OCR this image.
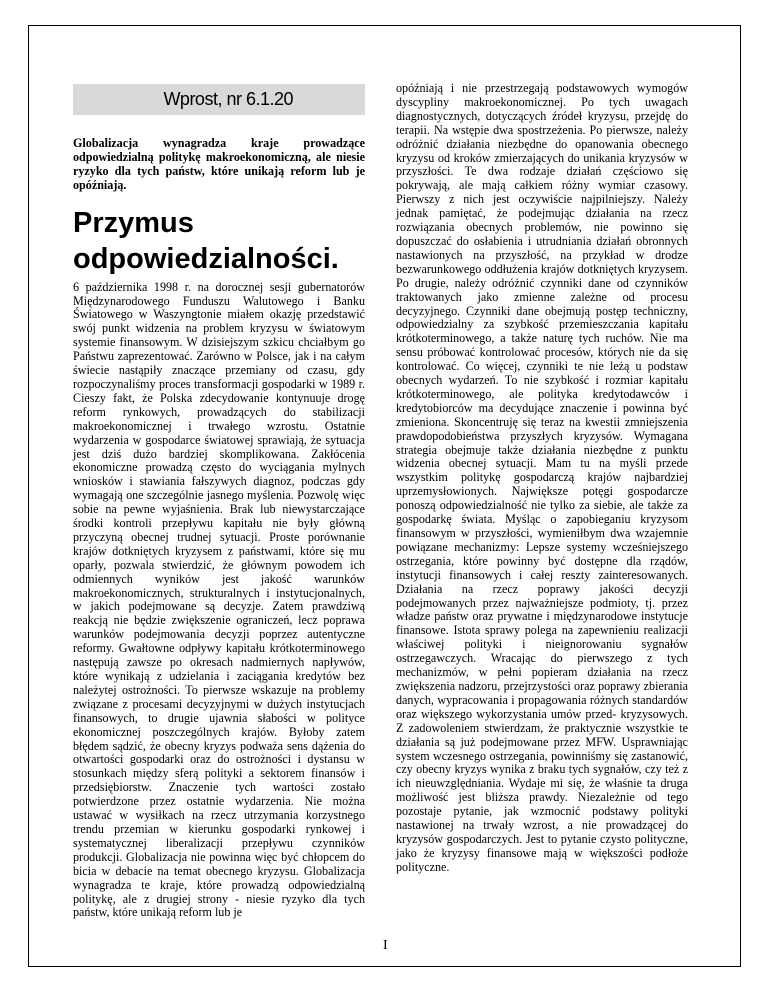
Wprost, nr 6.1.20

Globalizacja wynagradza kraje prowadzące odpowiedzialną politykę makroekonomiczną, ale niesie ryzyko dla tych państw, które unikają reform lub je opóźniają.

Przymus odpowiedzialności.

6 października 1998 r. na dorocznej sesji gubernatorów Międzynarodowego Funduszu Walutowego i Banku Światowego w Waszyngtonie miałem okazję przedstawić swój punkt widzenia na problem kryzysu w światowym systemie finansowym. W dzisiejszym szkicu chciałbym go Państwu zaprezentować. Zarówno w Polsce, jak i na całym świecie nastąpiły znaczące przemiany od czasu, gdy rozpoczynaliśmy proces transformacji gospodarki w 1989 r. Cieszy fakt, że Polska zdecydowanie kontynuuje drogę reform rynkowych, prowadzących do stabilizacji makroekonomicznej i trwałego wzrostu. Ostatnie wydarzenia w gospodarce światowej sprawiają, że sytuacja jest dziś dużo bardziej skomplikowana. Zakłócenia ekonomiczne prowadzą często do wyciągania mylnych wniosków i stawiania fałszywych diagnoz, podczas gdy wymagają one szczególnie jasnego myślenia. Pozwolę więc sobie na pewne wyjaśnienia. Brak lub niewystarczające środki kontroli przepływu kapitału nie były główną przyczyną obecnej trudnej sytuacji. Proste porównanie krajów dotkniętych kryzysem z państwami, które się mu oparły, pozwala stwierdzić, że głównym powodem ich odmiennych wyników jest jakość warunków makroekonomicznych, strukturalnych i instytucjonalnych, w jakich podejmowane są decyzje. Zatem prawdziwą reakcją nie będzie zwiększenie ograniczeń, lecz poprawa warunków podejmowania decyzji poprzez autentyczne reformy. Gwałtowne odpływy kapitału krótkoterminowego następują zawsze po okresach nadmiernych napływów, które wynikają z udzielania i zaciągania kredytów bez należytej ostrożności. To pierwsze wskazuje na problemy związane z procesami decyzyjnymi w dużych instytucjach finansowych, to drugie ujawnia słabości w polityce ekonomicznej poszczególnych krajów. Byłoby zatem błędem sądzić, że obecny kryzys podważa sens dążenia do otwartości gospodarki oraz do ostrożności i dystansu w stosunkach między sferą polityki a sektorem finansów i przedsiębiorstw. Znaczenie tych wartości zostało potwierdzone przez ostatnie wydarzenia. Nie można ustawać w wysiłkach na rzecz utrzymania korzystnego trendu przemian w kierunku gospodarki rynkowej i systematycznej liberalizacji przepływu czynników produkcji. Globalizacja nie powinna więc być chłopcem do bicia w debacie na temat obecnego kryzysu. Globalizacja wynagradza te kraje, które prowadzą odpowiedzialną politykę, ale z drugiej strony - niesie ryzyko dla tych państw, które unikają reform lub je

opóźniają i nie przestrzegają podstawowych wymogów dyscypliny makroekonomicznej. Po tych uwagach diagnostycznych, dotyczących źródeł kryzysu, przejdę do terapii. Na wstępie dwa spostrzeżenia. Po pierwsze, należy odróżnić działania niezbędne do opanowania obecnego kryzysu od kroków zmierzających do unikania kryzysów w przyszłości. Te dwa rodzaje działań częściowo się pokrywają, ale mają całkiem różny wymiar czasowy. Pierwszy z nich jest oczywiście najpilniejszy. Należy jednak pamiętać, że podejmując działania na rzecz rozwiązania obecnych problemów, nie powinno się dopuszczać do osłabienia i utrudniania działań obronnych nastawionych na przyszłość, na przykład w drodze bezwarunkowego oddłużenia krajów dotkniętych kryzysem. Po drugie, należy odróżnić czynniki dane od czynników traktowanych jako zmienne zależne od procesu decyzyjnego. Czynniki dane obejmują postęp techniczny, odpowiedzialny za szybkość przemieszczania kapitału krótkoterminowego, a także naturę tych ruchów. Nie ma sensu próbować kontrolować procesów, których nie da się kontrolować. Co więcej, czynniki te nie leżą u podstaw obecnych wydarzeń. To nie szybkość i rozmiar kapitału krótkoterminowego, ale polityka kredytodawców i kredytobiorców ma decydujące znaczenie i powinna być zmieniona. Skoncentruję się teraz na kwestii zmniejszenia prawdopodobieństwa przyszłych kryzysów. Wymagana strategia obejmuje także działania niezbędne z punktu widzenia obecnej sytuacji. Mam tu na myśli przede wszystkim politykę gospodarczą krajów najbardziej uprzemysłowionych. Największe potęgi gospodarcze ponoszą odpowiedzialność nie tylko za siebie, ale także za gospodarkę świata. Myśląc o zapobieganiu kryzysom finansowym w przyszłości, wymieniłbym dwa wzajemnie powiązane mechanizmy: Lepsze systemy wcześniejszego ostrzegania, które powinny być dostępne dla rządów, instytucji finansowych i całej reszty zainteresowanych. Działania na rzecz poprawy jakości decyzji podejmowanych przez najważniejsze podmioty, tj. przez władze państw oraz prywatne i międzynarodowe instytucje finansowe. Istota sprawy polega na zapewnieniu realizacji właściwej polityki i nieignorowaniu sygnałów ostrzegawczych. Wracając do pierwszego z tych mechanizmów, w pełni popieram działania na rzecz zwiększenia nadzoru, przejrzystości oraz poprawy zbierania danych, wypracowania i propagowania różnych standardów oraz większego wykorzystania umów przed- kryzysowych. Z zadowoleniem stwierdzam, że praktycznie wszystkie te działania są już podejmowane przez MFW. Usprawniając system wczesnego ostrzegania, powinniśmy się zastanowić, czy obecny kryzys wynika z braku tych sygnałów, czy też z ich nieuwzględniania. Wydaje mi się, że właśnie ta druga możliwość jest bliższa prawdy. Niezależnie od tego pozostaje pytanie, jak wzmocnić podstawy polityki nastawionej na trwały wzrost, a nie prowadzącej do kryzysów gospodarczych. Jest to pytanie czysto polityczne, jako że kryzysy finansowe mają w większości podłoże polityczne.

I
